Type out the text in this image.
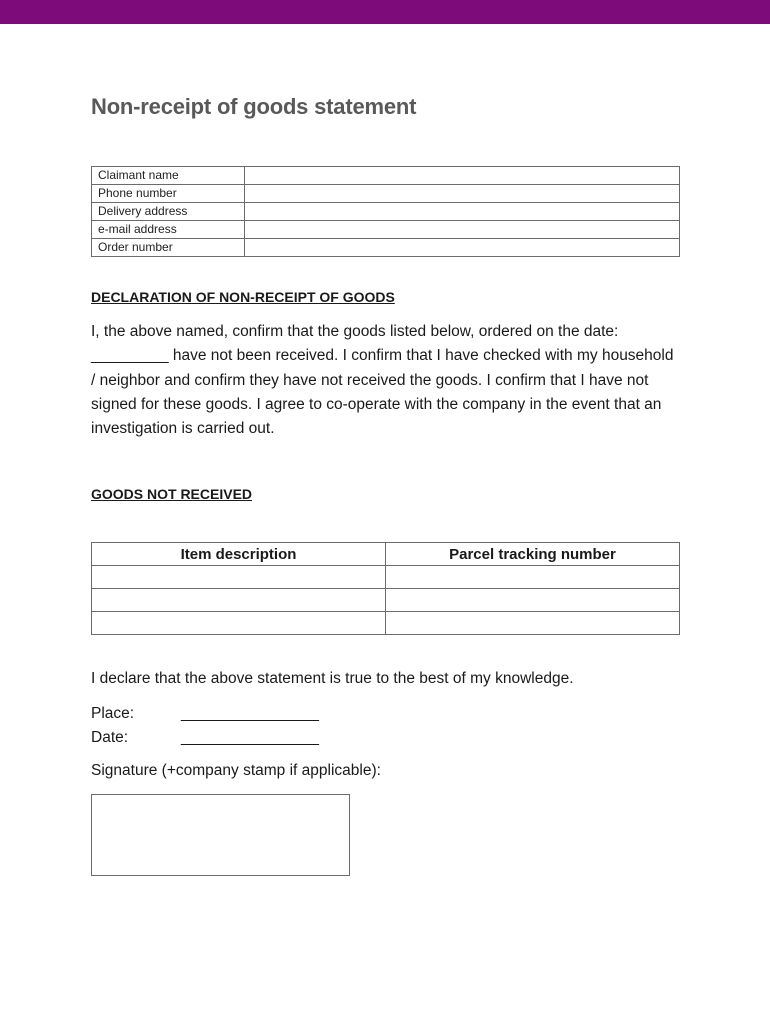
Non-receipt of goods statement
Claimant name	
Phone number	
Delivery address	
e-mail address	
Order number	
DECLARATION OF NON-RECEIPT OF GOODS
I, the above named, confirm that the goods listed below, ordered on the date: _________ have not been received. I confirm that I have checked with my household / neighbor and confirm they have not received the goods. I confirm that I have not signed for these goods. I agree to co-operate with the company in the event that an investigation is carried out.
GOODS NOT RECEIVED
Item description	Parcel tracking number

I declare that the above statement is true to the best of my knowledge.
Place:	________________
Date:	________________
Signature (+company stamp if applicable):
